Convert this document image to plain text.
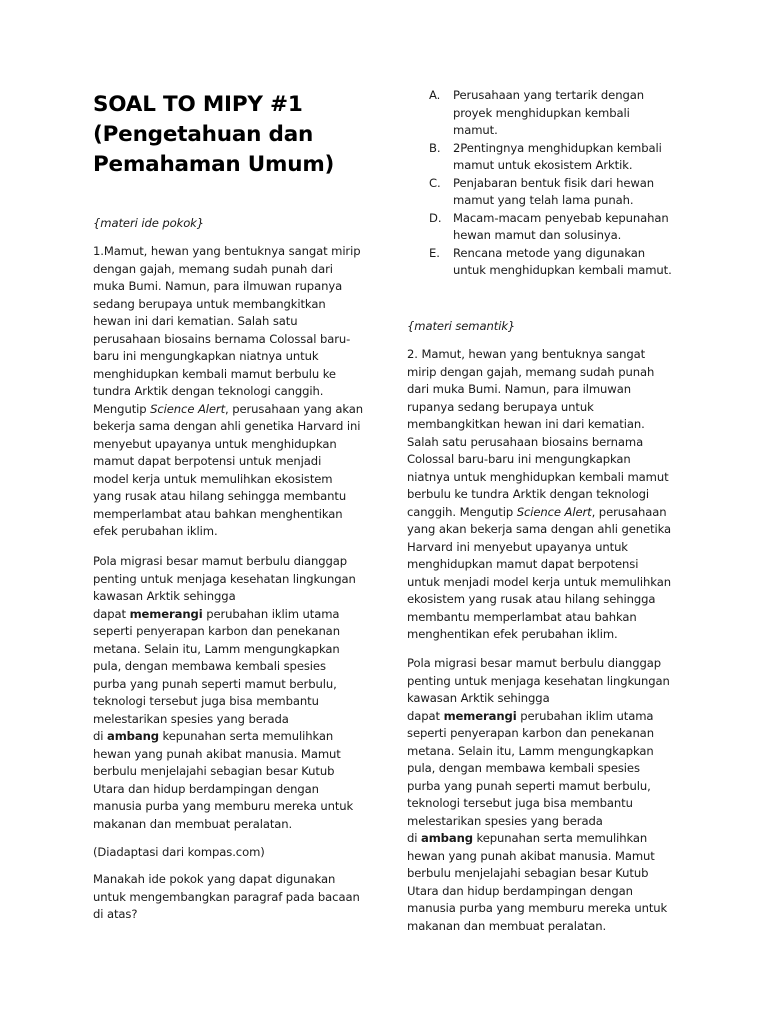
SOAL TO MIPY #1
(Pengetahuan dan
Pemahaman Umum)
{materi ide pokok}
1.Mamut, hewan yang bentuknya sangat mirip
dengan gajah, memang sudah punah dari
muka Bumi. Namun, para ilmuwan rupanya
sedang berupaya untuk membangkitkan
hewan ini dari kematian. Salah satu
perusahaan biosains bernama Colossal baru-
baru ini mengungkapkan niatnya untuk
menghidupkan kembali mamut berbulu ke
tundra Arktik dengan teknologi canggih.
Mengutip Science Alert, perusahaan yang akan
bekerja sama dengan ahli genetika Harvard ini
menyebut upayanya untuk menghidupkan
mamut dapat berpotensi untuk menjadi
model kerja untuk memulihkan ekosistem
yang rusak atau hilang sehingga membantu
memperlambat atau bahkan menghentikan
efek perubahan iklim.
Pola migrasi besar mamut berbulu dianggap
penting untuk menjaga kesehatan lingkungan
kawasan Arktik sehingga
dapat memerangi perubahan iklim utama
seperti penyerapan karbon dan penekanan
metana. Selain itu, Lamm mengungkapkan
pula, dengan membawa kembali spesies
purba yang punah seperti mamut berbulu,
teknologi tersebut juga bisa membantu
melestarikan spesies yang berada
di ambang kepunahan serta memulihkan
hewan yang punah akibat manusia. Mamut
berbulu menjelajahi sebagian besar Kutub
Utara dan hidup berdampingan dengan
manusia purba yang memburu mereka untuk
makanan dan membuat peralatan.
(Diadaptasi dari kompas.com)
Manakah ide pokok yang dapat digunakan
untuk mengembangkan paragraf pada bacaan
di atas?
A. Perusahaan yang tertarik dengan
proyek menghidupkan kembali
mamut.
B. 2Pentingnya menghidupkan kembali
mamut untuk ekosistem Arktik.
C. Penjabaran bentuk fisik dari hewan
mamut yang telah lama punah.
D. Macam-macam penyebab kepunahan
hewan mamut dan solusinya.
E. Rencana metode yang digunakan
untuk menghidupkan kembali mamut.
{materi semantik}
2. Mamut, hewan yang bentuknya sangat
mirip dengan gajah, memang sudah punah
dari muka Bumi. Namun, para ilmuwan
rupanya sedang berupaya untuk
membangkitkan hewan ini dari kematian.
Salah satu perusahaan biosains bernama
Colossal baru-baru ini mengungkapkan
niatnya untuk menghidupkan kembali mamut
berbulu ke tundra Arktik dengan teknologi
canggih. Mengutip Science Alert, perusahaan
yang akan bekerja sama dengan ahli genetika
Harvard ini menyebut upayanya untuk
menghidupkan mamut dapat berpotensi
untuk menjadi model kerja untuk memulihkan
ekosistem yang rusak atau hilang sehingga
membantu memperlambat atau bahkan
menghentikan efek perubahan iklim.
Pola migrasi besar mamut berbulu dianggap
penting untuk menjaga kesehatan lingkungan
kawasan Arktik sehingga
dapat memerangi perubahan iklim utama
seperti penyerapan karbon dan penekanan
metana. Selain itu, Lamm mengungkapkan
pula, dengan membawa kembali spesies
purba yang punah seperti mamut berbulu,
teknologi tersebut juga bisa membantu
melestarikan spesies yang berada
di ambang kepunahan serta memulihkan
hewan yang punah akibat manusia. Mamut
berbulu menjelajahi sebagian besar Kutub
Utara dan hidup berdampingan dengan
manusia purba yang memburu mereka untuk
makanan dan membuat peralatan.
